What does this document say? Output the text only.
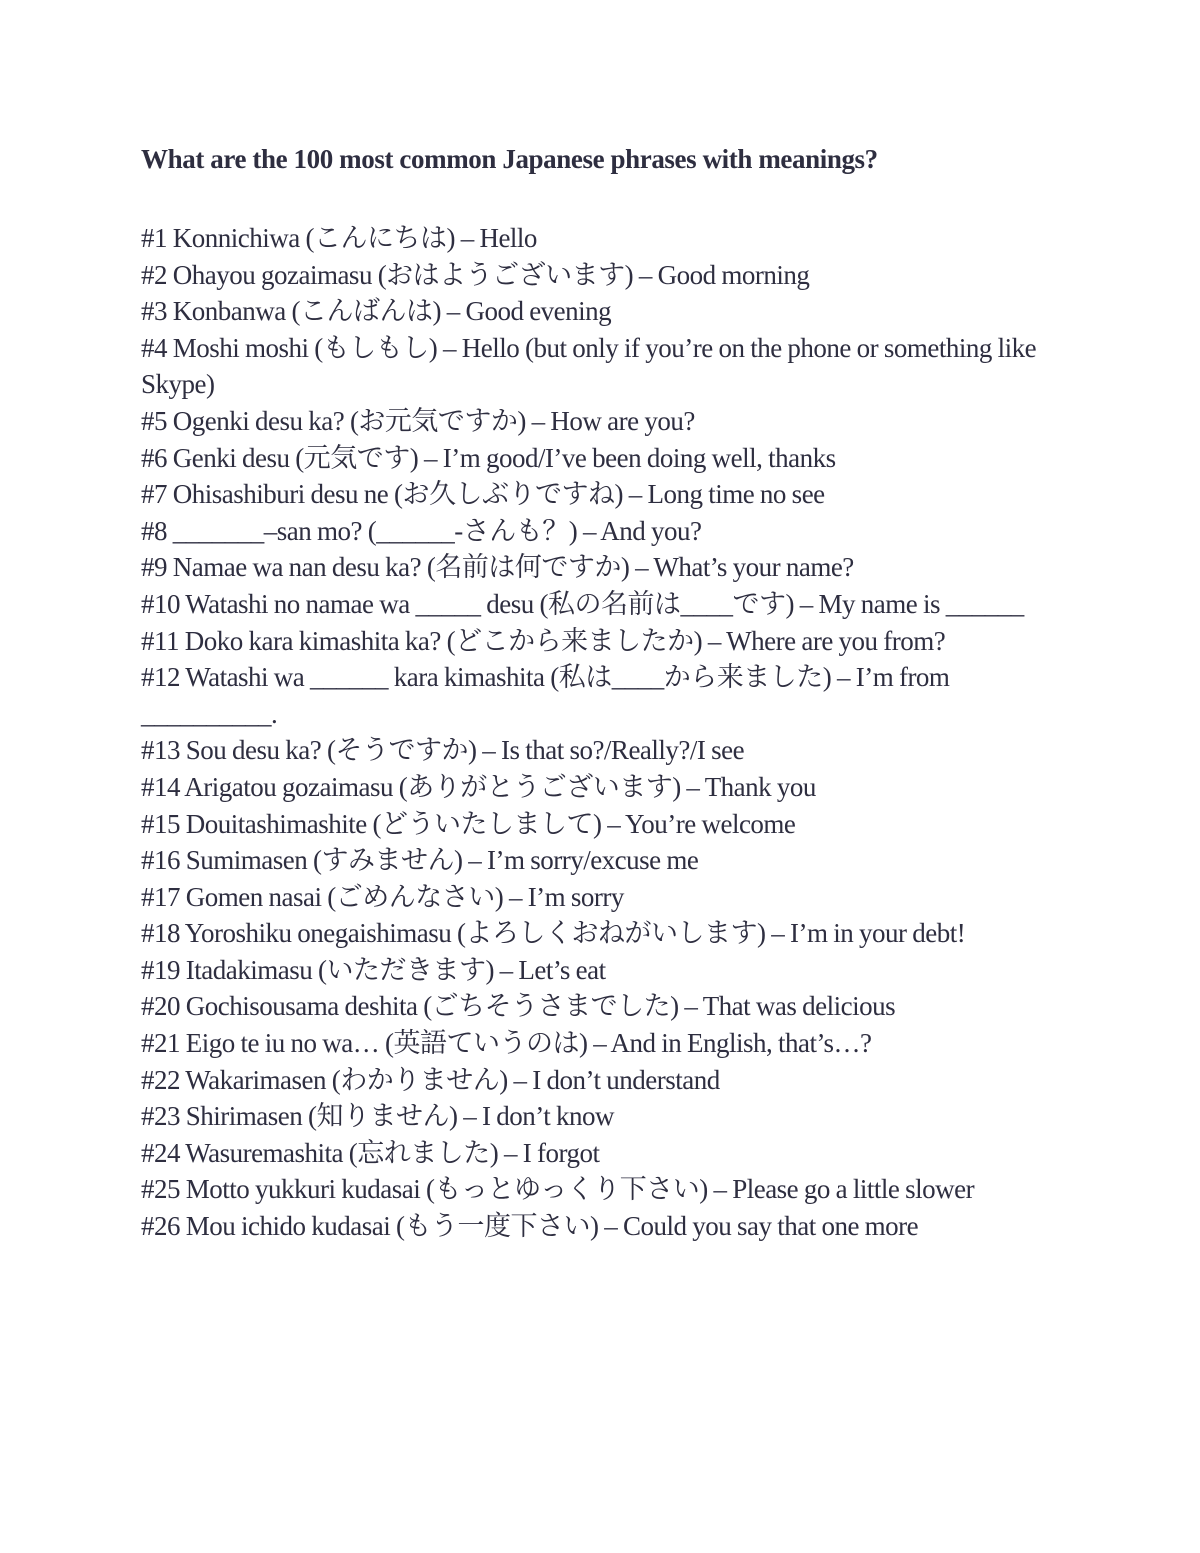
What are the 100 most common Japanese phrases with meanings?
#1 Konnichiwa (こんにちは) – Hello
#2 Ohayou gozaimasu (おはようございます) – Good morning
#3 Konbanwa (こんばんは) – Good evening
#4 Moshi moshi (もしもし) – Hello (but only if you’re on the phone or something like Skype)
#5 Ogenki desu ka? (お元気ですか) – How are you?
#6 Genki desu (元気です) – I’m good/I’ve been doing well, thanks
#7 Ohisashiburi desu ne (お久しぶりですね) – Long time no see
#8 _______–san mo? (______-さんも？) – And you?
#9 Namae wa nan desu ka? (名前は何ですか) – What’s your name?
#10 Watashi no namae wa _____ desu (私の名前は____です) – My name is ______
#11 Doko kara kimashita ka? (どこから来ましたか) – Where are you from?
#12 Watashi wa ______ kara kimashita (私は____から来ました) – I’m from __________.
#13 Sou desu ka? (そうですか) – Is that so?/Really?/I see
#14 Arigatou gozaimasu (ありがとうございます) – Thank you
#15 Douitashimashite (どういたしまして) – You’re welcome
#16 Sumimasen (すみません) – I’m sorry/excuse me
#17 Gomen nasai (ごめんなさい) – I’m sorry
#18 Yoroshiku onegaishimasu (よろしくおねがいします) – I’m in your debt!
#19 Itadakimasu (いただきます) – Let’s eat
#20 Gochisousama deshita (ごちそうさまでした) – That was delicious
#21 Eigo te iu no wa… (英語ていうのは) – And in English, that’s…?
#22 Wakarimasen (わかりません) – I don’t understand
#23 Shirimasen (知りません) – I don’t know
#24 Wasuremashita (忘れました) – I forgot
#25 Motto yukkuri kudasai (もっとゆっくり下さい) – Please go a little slower
#26 Mou ichido kudasai (もう一度下さい) – Could you say that one more
